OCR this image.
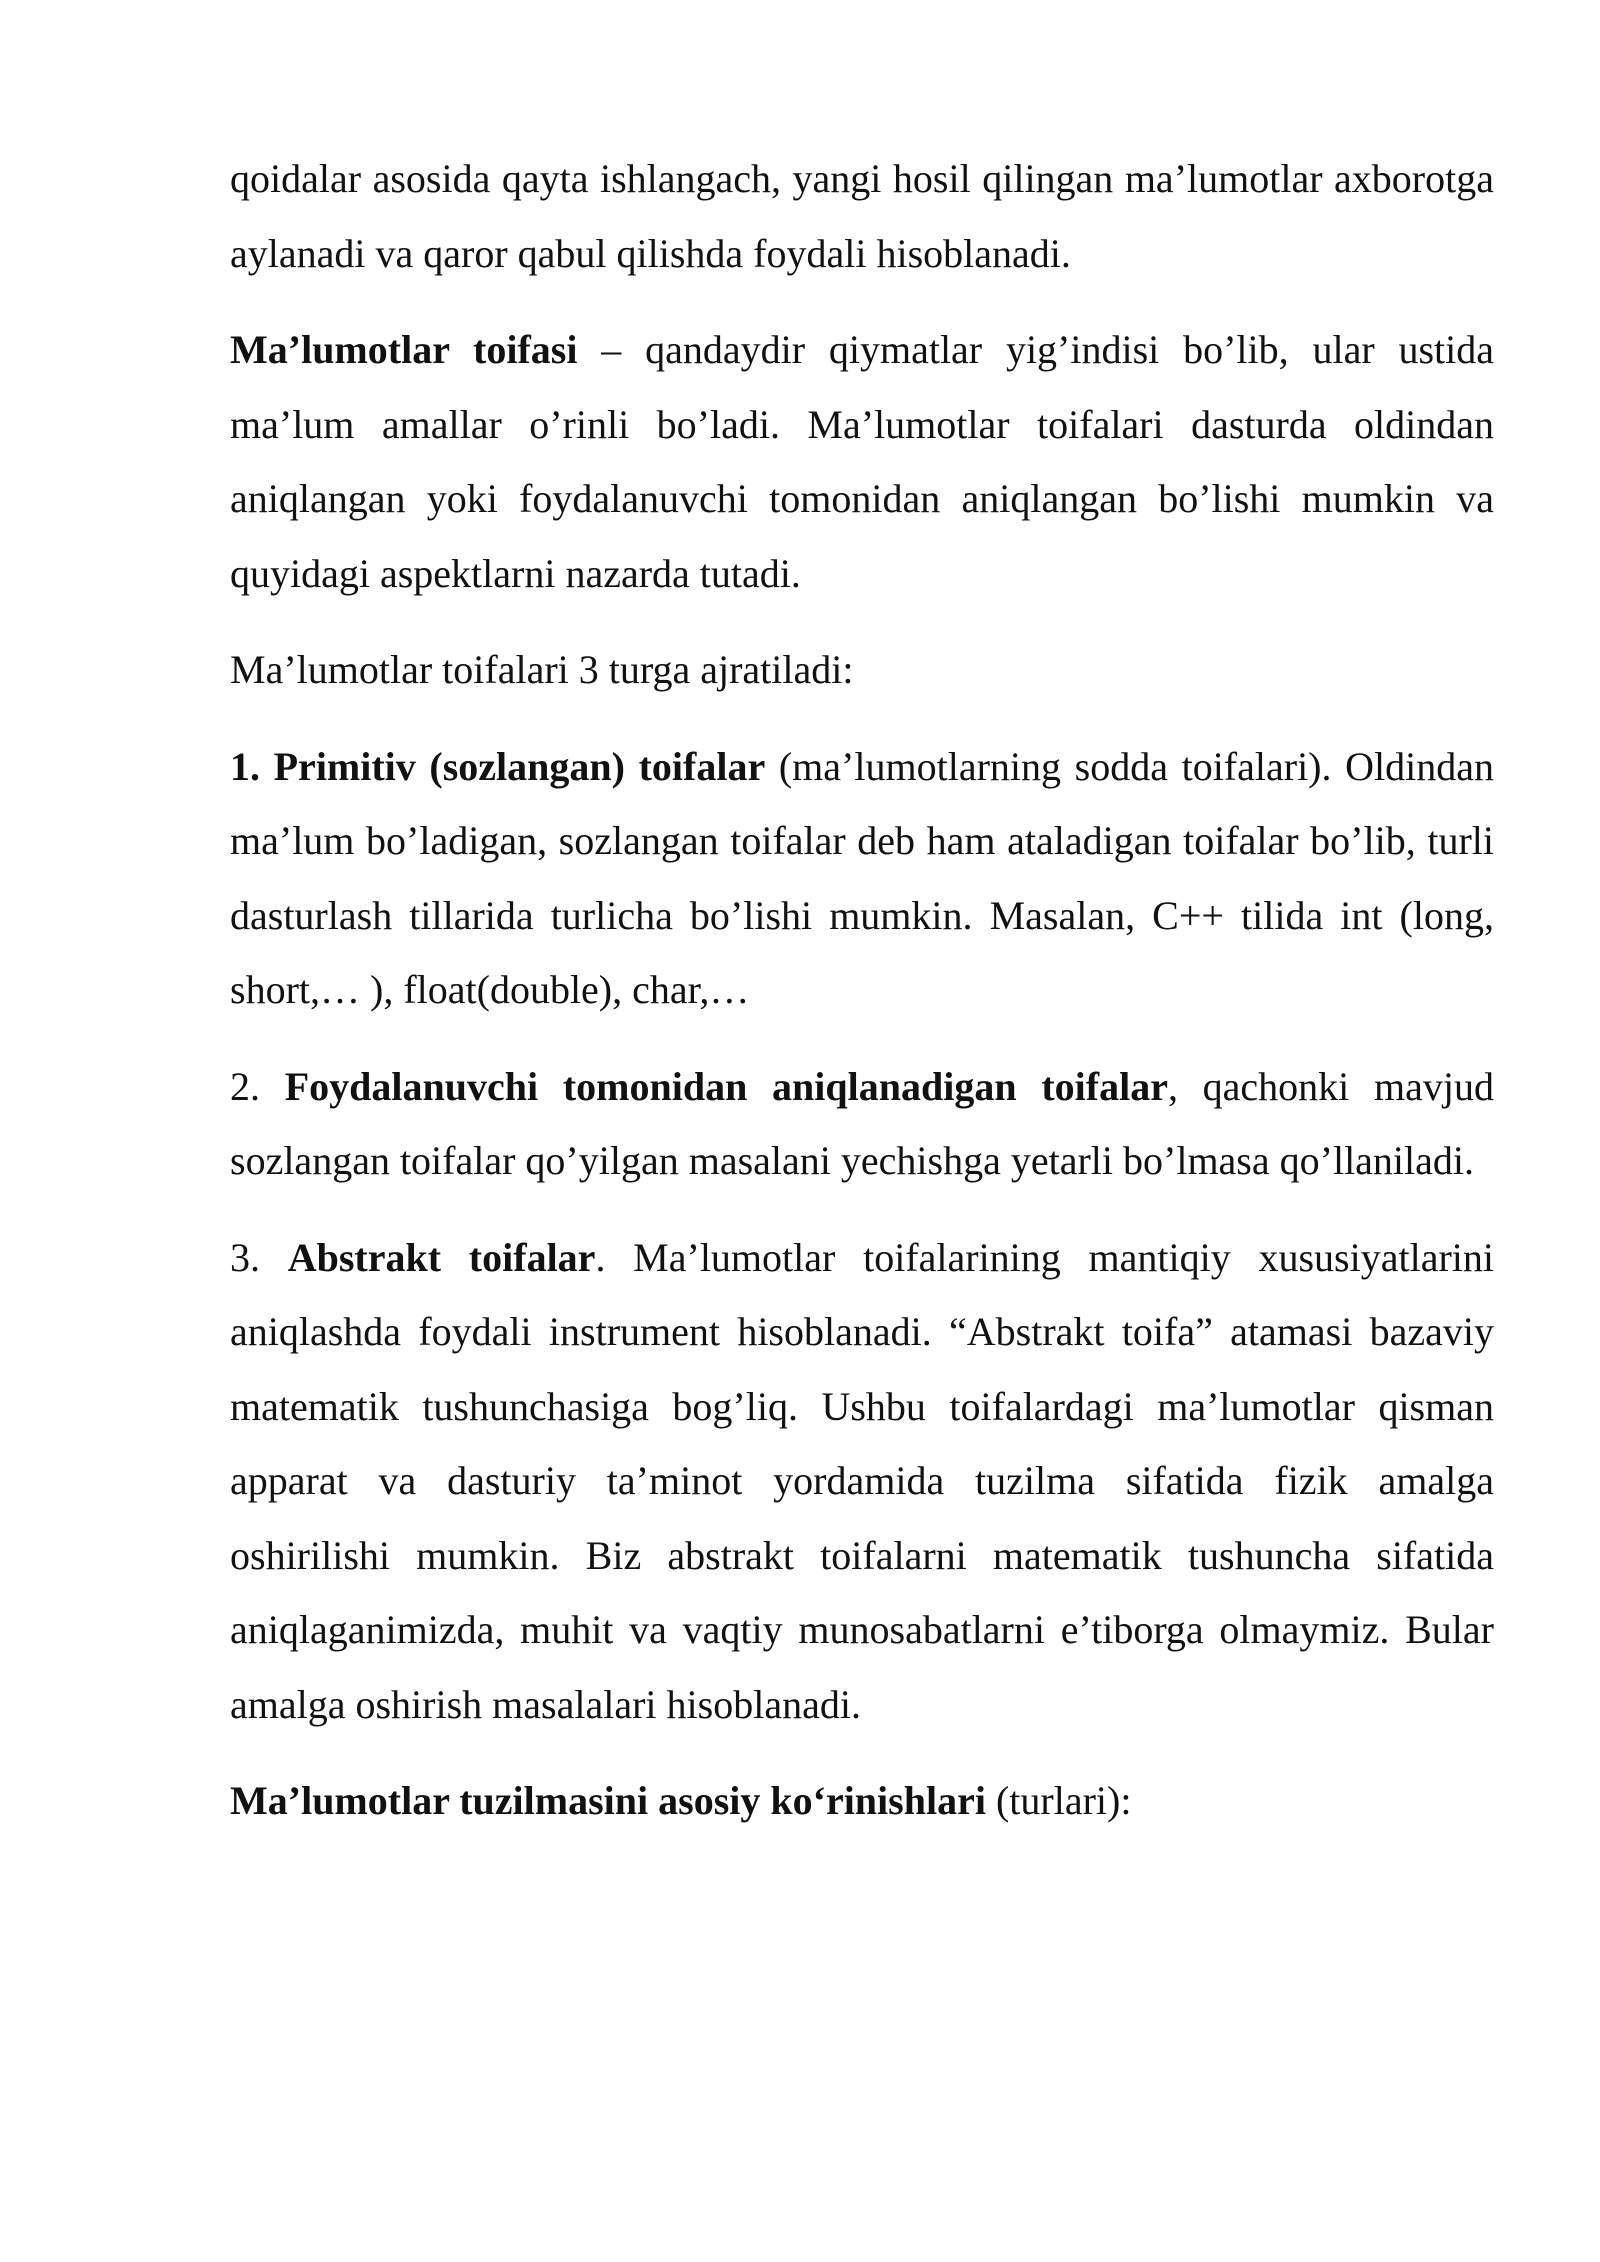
qoidalar asosida qayta ishlangach, yangi hosil qilingan ma’lumotlar axborotga aylanadi va qaror qabul qilishda foydali hisoblanadi.

Ma’lumotlar toifasi – qandaydir qiymatlar yig’indisi bo’lib, ular ustida ma’lum amallar o’rinli bo’ladi. Ma’lumotlar toifalari dasturda oldindan aniqlangan yoki foydalanuvchi tomonidan aniqlangan bo’lishi mumkin va quyidagi aspektlarni nazarda tutadi.

Ma’lumotlar toifalari 3 turga ajratiladi:

1. Primitiv (sozlangan) toifalar (ma’lumotlarning sodda toifalari). Oldindan ma’lum bo’ladigan, sozlangan toifalar deb ham ataladigan toifalar bo’lib, turli dasturlash tillarida turlicha bo’lishi mumkin. Masalan, C++ tilida int (long, short,… ), float(double), char,…

2. Foydalanuvchi tomonidan aniqlanadigan toifalar, qachonki mavjud sozlangan toifalar qo’yilgan masalani yechishga yetarli bo’lmasa qo’llaniladi.

3. Abstrakt toifalar. Ma’lumotlar toifalarining mantiqiy xususiyatlarini aniqlashda foydali instrument hisoblanadi. “Abstrakt toifa” atamasi bazaviy matematik tushunchasiga bog’liq. Ushbu toifalardagi ma’lumotlar qisman apparat va dasturiy ta’minot yordamida tuzilma sifatida fizik amalga oshirilishi mumkin. Biz abstrakt toifalarni matematik tushuncha sifatida aniqlaganimizda, muhit va vaqtiy munosabatlarni e’tiborga olmaymiz. Bular amalga oshirish masalalari hisoblanadi.

Ma’lumotlar tuzilmasini asosiy ko‘rinishlari (turlari):
